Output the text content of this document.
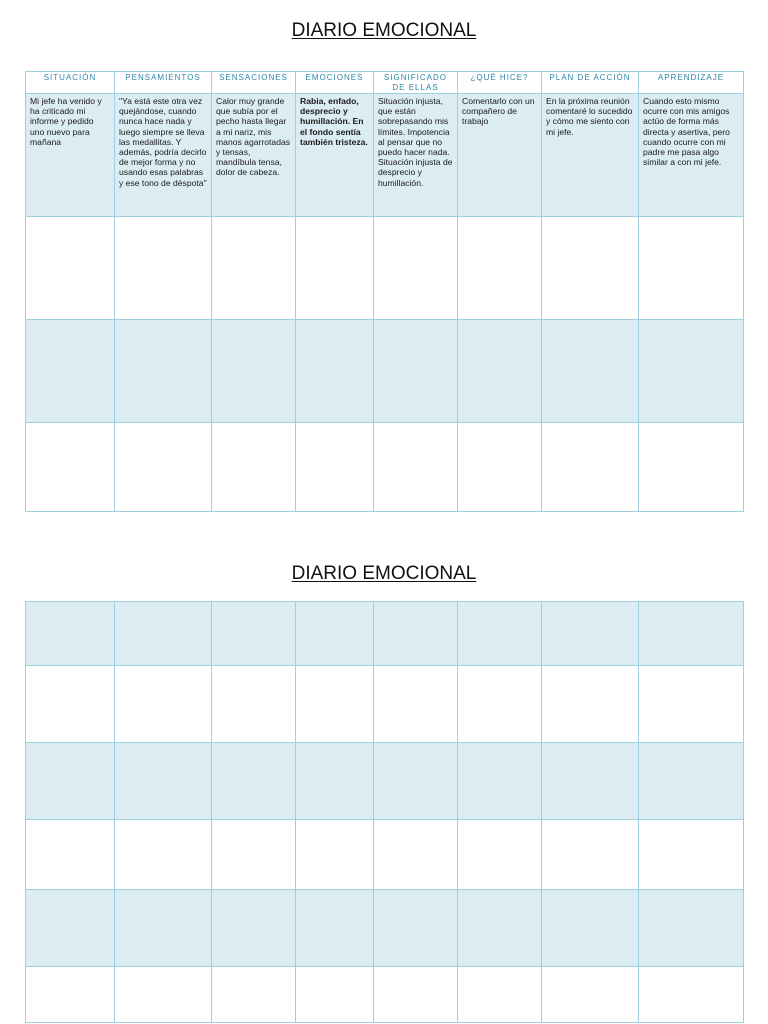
DIARIO EMOCIONAL
SITUACIÓN	PENSAMIENTOS	SENSACIONES	EMOCIONES	SIGNIFICADO DE ELLAS	¿QUÉ HICE?	PLAN DE ACCIÓN	APRENDIZAJE
Mi jefe ha venido y ha criticado mi informe y pedido uno nuevo para mañana	"Ya está este otra vez quejándose, cuando nunca hace nada y luego siempre se lleva las medallitas. Y además, podría decirlo de mejor forma y no usando esas palabras y ese tono de déspota"	Calor muy grande que subía por el pecho hasta llegar a mi nariz, mis manos agarrotadas y tensas, mandíbula tensa, dolor de cabeza.	Rabia, enfado, desprecio y humillación. En el fondo sentía también tristeza.	Situación injusta, que están sobrepasando mis límites. Impotencia al pensar que no puedo hacer nada. Situación injusta de desprecio y humillación.	Comentarlo con un compañero de trabajo	En la próxima reunión comentaré lo sucedido y cómo me siento con mi jefe.	Cuando esto mismo ocurre con mis amigos actúo de forma más directa y asertiva, pero cuando ocurre con mi padre me pasa algo similar a con mi jefe.

DIARIO EMOCIONAL
